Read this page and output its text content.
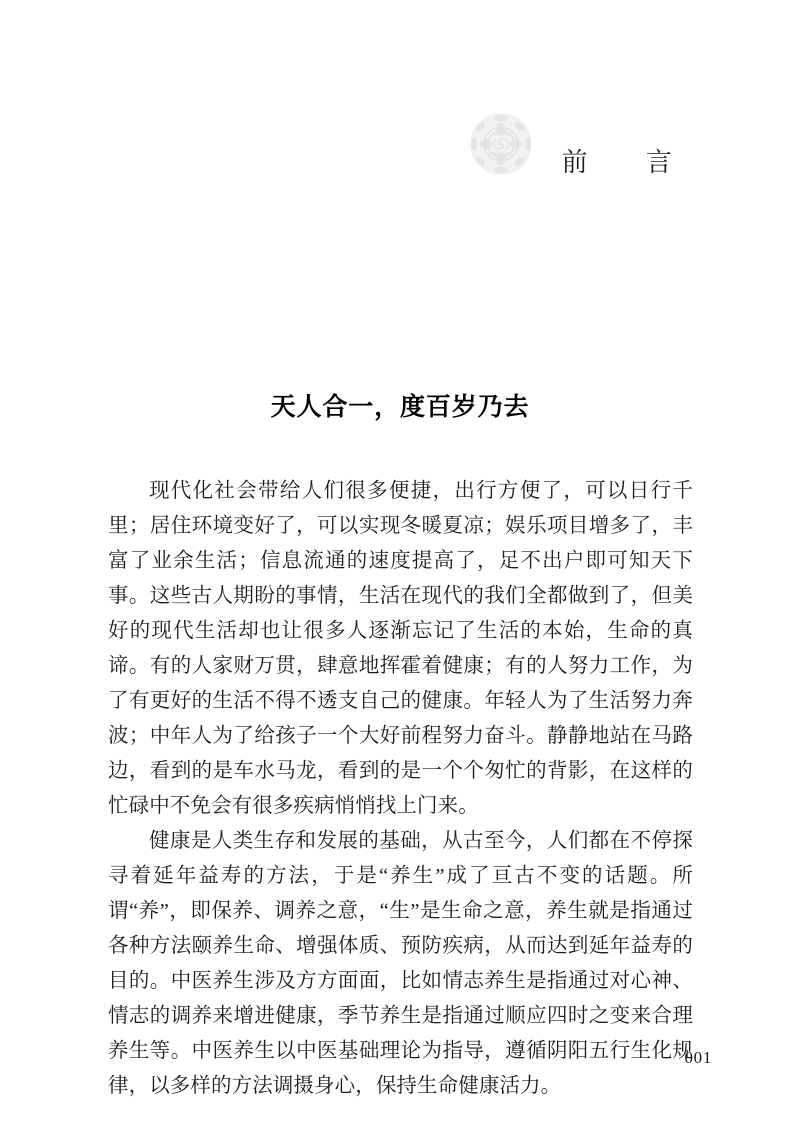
前　言
天人合一，度百岁乃去

现代化社会带给人们很多便捷，出行方便了，可以日行千里；居住环境变好了，可以实现冬暖夏凉；娱乐项目增多了，丰富了业余生活；信息流通的速度提高了，足不出户即可知天下事。这些古人期盼的事情，生活在现代的我们全都做到了，但美好的现代生活却也让很多人逐渐忘记了生活的本始，生命的真谛。有的人家财万贯，肆意地挥霍着健康；有的人努力工作，为了有更好的生活不得不透支自己的健康。年轻人为了生活努力奔波；中年人为了给孩子一个大好前程努力奋斗。静静地站在马路边，看到的是车水马龙，看到的是一个个匆忙的背影，在这样的忙碌中不免会有很多疾病悄悄找上门来。

健康是人类生存和发展的基础，从古至今，人们都在不停探寻着延年益寿的方法，于是“养生”成了亘古不变的话题。所谓“养”，即保养、调养之意，“生”是生命之意，养生就是指通过各种方法颐养生命、增强体质、预防疾病，从而达到延年益寿的目的。中医养生涉及方方面面，比如情志养生是指通过对心神、情志的调养来增进健康，季节养生是指通过顺应四时之变来合理养生等。中医养生以中医基础理论为指导，遵循阴阳五行生化规律，以多样的方法调摄身心，保持生命健康活力。

001
